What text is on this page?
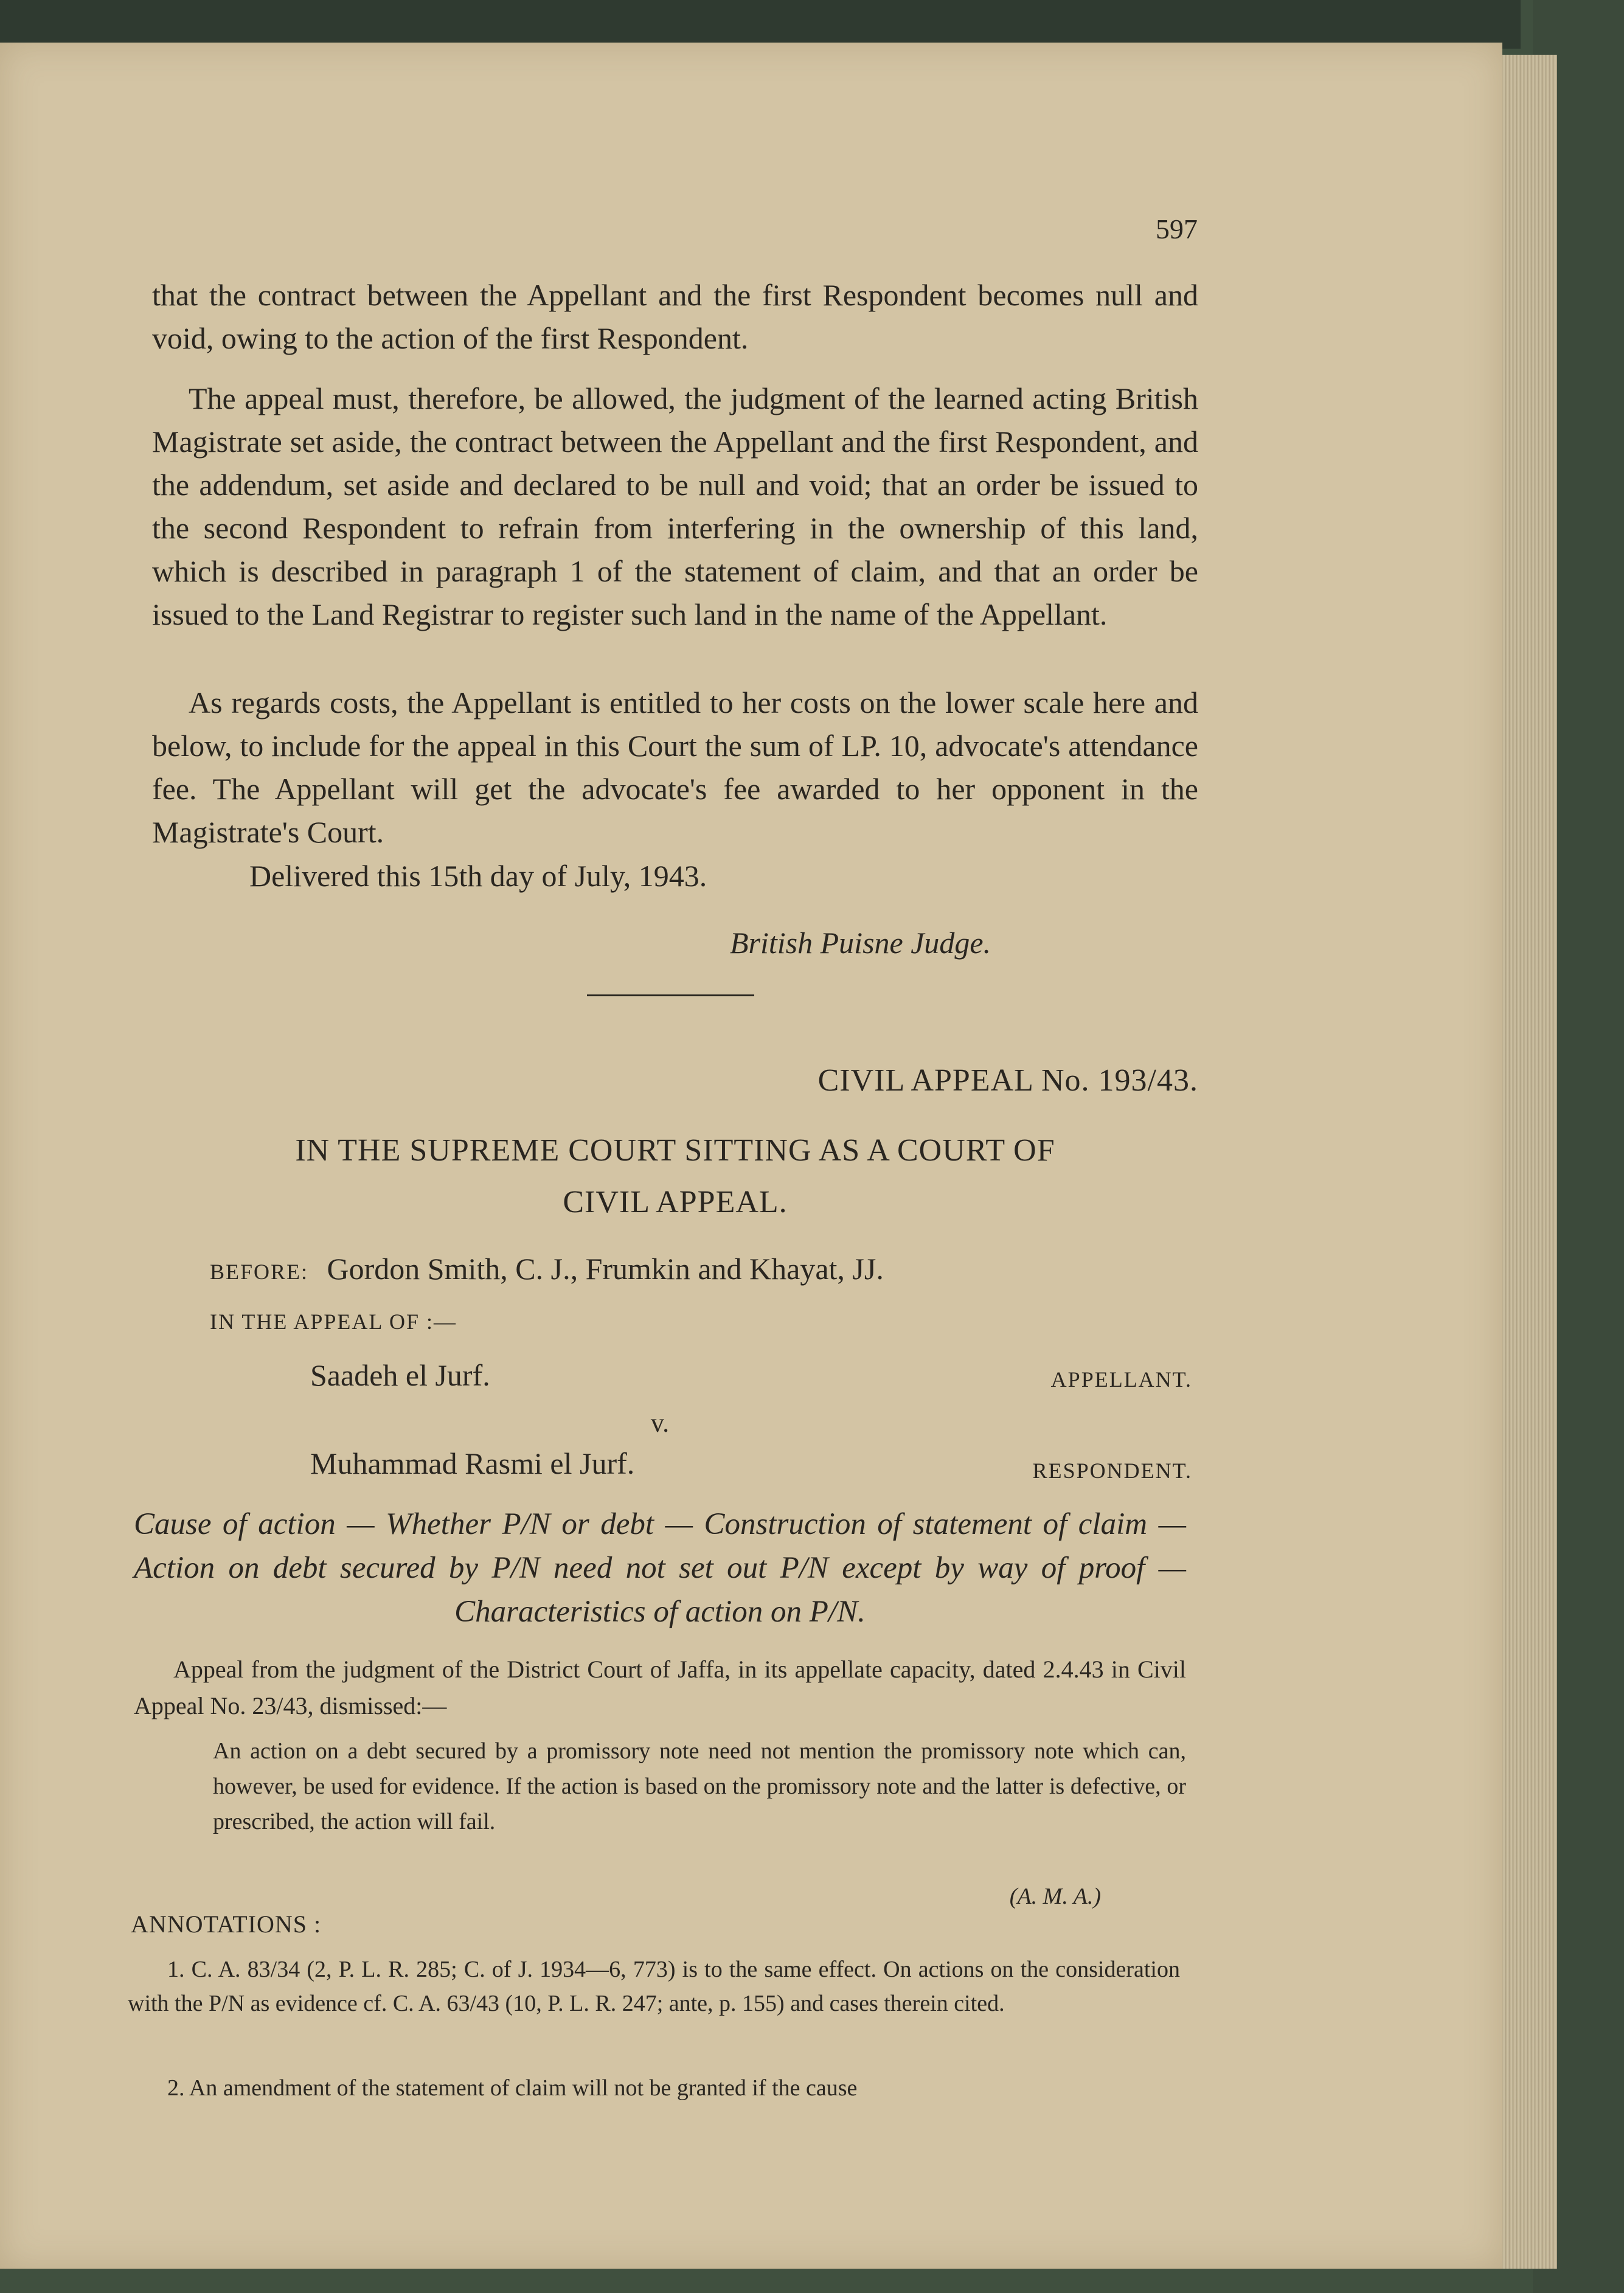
597

that the contract between the Appellant and the first Respondent becomes null and void, owing to the action of the first Respondent.

The appeal must, therefore, be allowed, the judgment of the learned acting British Magistrate set aside, the contract between the Appellant and the first Respondent, and the addendum, set aside and declared to be null and void; that an order be issued to the second Respondent to refrain from interfering in the ownership of this land, which is described in paragraph 1 of the statement of claim, and that an order be issued to the Land Registrar to register such land in the name of the Appellant.

As regards costs, the Appellant is entitled to her costs on the lower scale here and below, to include for the appeal in this Court the sum of LP. 10, advocate's attendance fee. The Appellant will get the advocate's fee awarded to her opponent in the Magistrate's Court.

Delivered this 15th day of July, 1943.
British Puisne Judge.
CIVIL APPEAL No. 193/43.
IN THE SUPREME COURT SITTING AS A COURT OF
CIVIL APPEAL.
BEFORE: Gordon Smith, C. J., Frumkin and Khayat, JJ.
IN THE APPEAL OF :—
Saadeh el Jurf.	APPELLANT.
v.
Muhammad Rasmi el Jurf.	RESPONDENT.
Cause of action — Whether P/N or debt — Construction of statement of claim — Action on debt secured by P/N need not set out P/N except by way of proof — Characteristics of action on P/N.
Appeal from the judgment of the District Court of Jaffa, in its appellate capacity, dated 2.4.43 in Civil Appeal No. 23/43, dismissed:—
An action on a debt secured by a promissory note need not mention the promissory note which can, however, be used for evidence. If the action is based on the promissory note and the latter is defective, or prescribed, the action will fail.
(A. M. A.)
ANNOTATIONS :
1. C. A. 83/34 (2, P. L. R. 285; C. of J. 1934—6, 773) is to the same effect. On actions on the consideration with the P/N as evidence cf. C. A. 63/43 (10, P. L. R. 247; ante, p. 155) and cases therein cited.
2. An amendment of the statement of claim will not be granted if the cause
